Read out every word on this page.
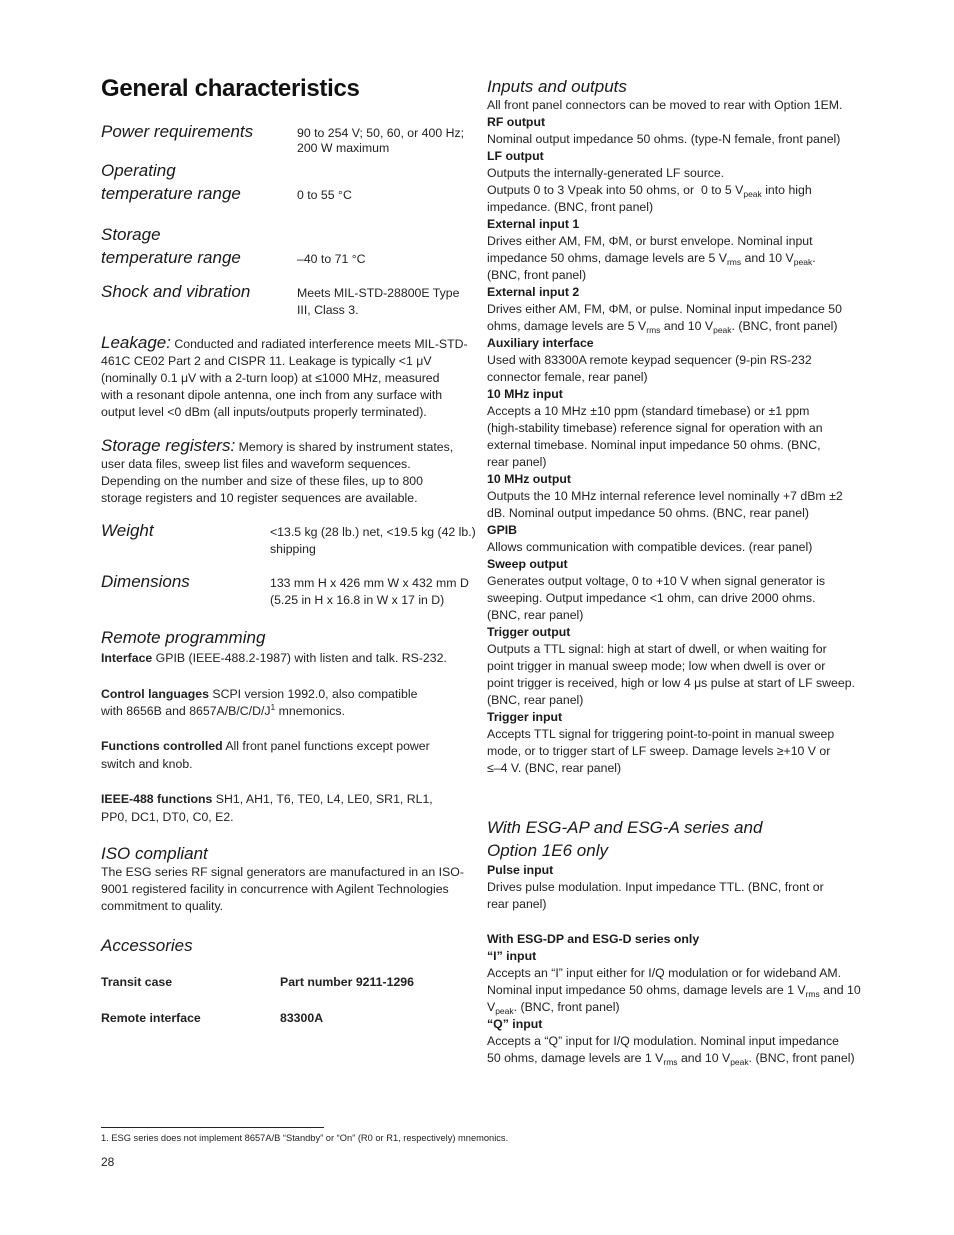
General characteristics
Power requirements	90 to 254 V; 50, 60, or 400 Hz;
200 W maximum
Operating
temperature range	0 to 55 °C
Storage
temperature range	–40 to 71 °C
Shock and vibration	Meets MIL-STD-28800E Type
III, Class 3.
Leakage: Conducted and radiated interference meets MIL-STD-
461C CE02 Part 2 and CISPR 11. Leakage is typically <1 μV
(nominally 0.1 μV with a 2-turn loop) at ≤1000 MHz, measured
with a resonant dipole antenna, one inch from any surface with
output level <0 dBm (all inputs/outputs properly terminated).
Storage registers: Memory is shared by instrument states,
user data files, sweep list files and waveform sequences.
Depending on the number and size of these files, up to 800
storage registers and 10 register sequences are available.
Weight	<13.5 kg (28 lb.) net, <19.5 kg (42 lb.)
shipping
Dimensions	133 mm H x 426 mm W x 432 mm D
(5.25 in H x 16.8 in W x 17 in D)
Remote programming
Interface GPIB (IEEE-488.2-1987) with listen and talk. RS-232.
Control languages SCPI version 1992.0, also compatible
with 8656B and $8657A/B/C/D/J^1$ mnemonics.
Functions controlled All front panel functions except power
switch and knob.
IEEE-488 functions SH1, AH1, T6, TE0, L4, LE0, SR1, RL1,
PP0, DC1, DT0, C0, E2.
ISO compliant
The ESG series RF signal generators are manufactured in an ISO-
9001 registered facility in concurrence with Agilent Technologies
commitment to quality.
Accessories
Transit case	Part number 9211-1296
Remote interface	83300A
Inputs and outputs
All front panel connectors can be moved to rear with Option 1EM.
RF output
Nominal output impedance 50 ohms. (type-N female, front panel)
LF output
Outputs the internally-generated LF source.
Outputs 0 to 3 Vpeak into 50 ohms, or  0 to 5 $V_{peak}$ into high
impedance. (BNC, front panel)
External input 1
Drives either AM, FM, ΦM, or burst envelope. Nominal input
impedance 50 ohms, damage levels are 5 $V_{rms}$ and 10 $V_{peak}$.
(BNC, front panel)
External input 2
Drives either AM, FM, ΦM, or pulse. Nominal input impedance 50
ohms, damage levels are 5 $V_{rms}$ and 10 $V_{peak}$. (BNC, front panel)
Auxiliary interface
Used with 83300A remote keypad sequencer (9-pin RS-232
connector female, rear panel)
10 MHz input
Accepts a 10 MHz ±10 ppm (standard timebase) or ±1 ppm
(high-stability timebase) reference signal for operation with an
external timebase. Nominal input impedance 50 ohms. (BNC,
rear panel)
10 MHz output
Outputs the 10 MHz internal reference level nominally +7 dBm ±2
dB. Nominal output impedance 50 ohms. (BNC, rear panel)
GPIB
Allows communication with compatible devices. (rear panel)
Sweep output
Generates output voltage, 0 to +10 V when signal generator is
sweeping. Output impedance <1 ohm, can drive 2000 ohms.
(BNC, rear panel)
Trigger output
Outputs a TTL signal: high at start of dwell, or when waiting for
point trigger in manual sweep mode; low when dwell is over or
point trigger is received, high or low 4 μs pulse at start of LF sweep.
(BNC, rear panel)
Trigger input
Accepts TTL signal for triggering point-to-point in manual sweep
mode, or to trigger start of LF sweep. Damage levels ≥+10 V or
≤–4 V. (BNC, rear panel)
With ESG-AP and ESG-A series and
Option 1E6 only
Pulse input
Drives pulse modulation. Input impedance TTL. (BNC, front or
rear panel)
With ESG-DP and ESG-D series only
“I” input
Accepts an “I” input either for I/Q modulation or for wideband AM.
Nominal input impedance 50 ohms, damage levels are 1 $V_{rms}$ and 10
$V_{peak}$. (BNC, front panel)
“Q” input
Accepts a “Q” input for I/Q modulation. Nominal input impedance
50 ohms, damage levels are 1 $V_{rms}$ and 10 $V_{peak}$. (BNC, front panel)
1. ESG series does not implement 8657A/B “Standby” or “On” (R0 or R1, respectively) mnemonics.
28
